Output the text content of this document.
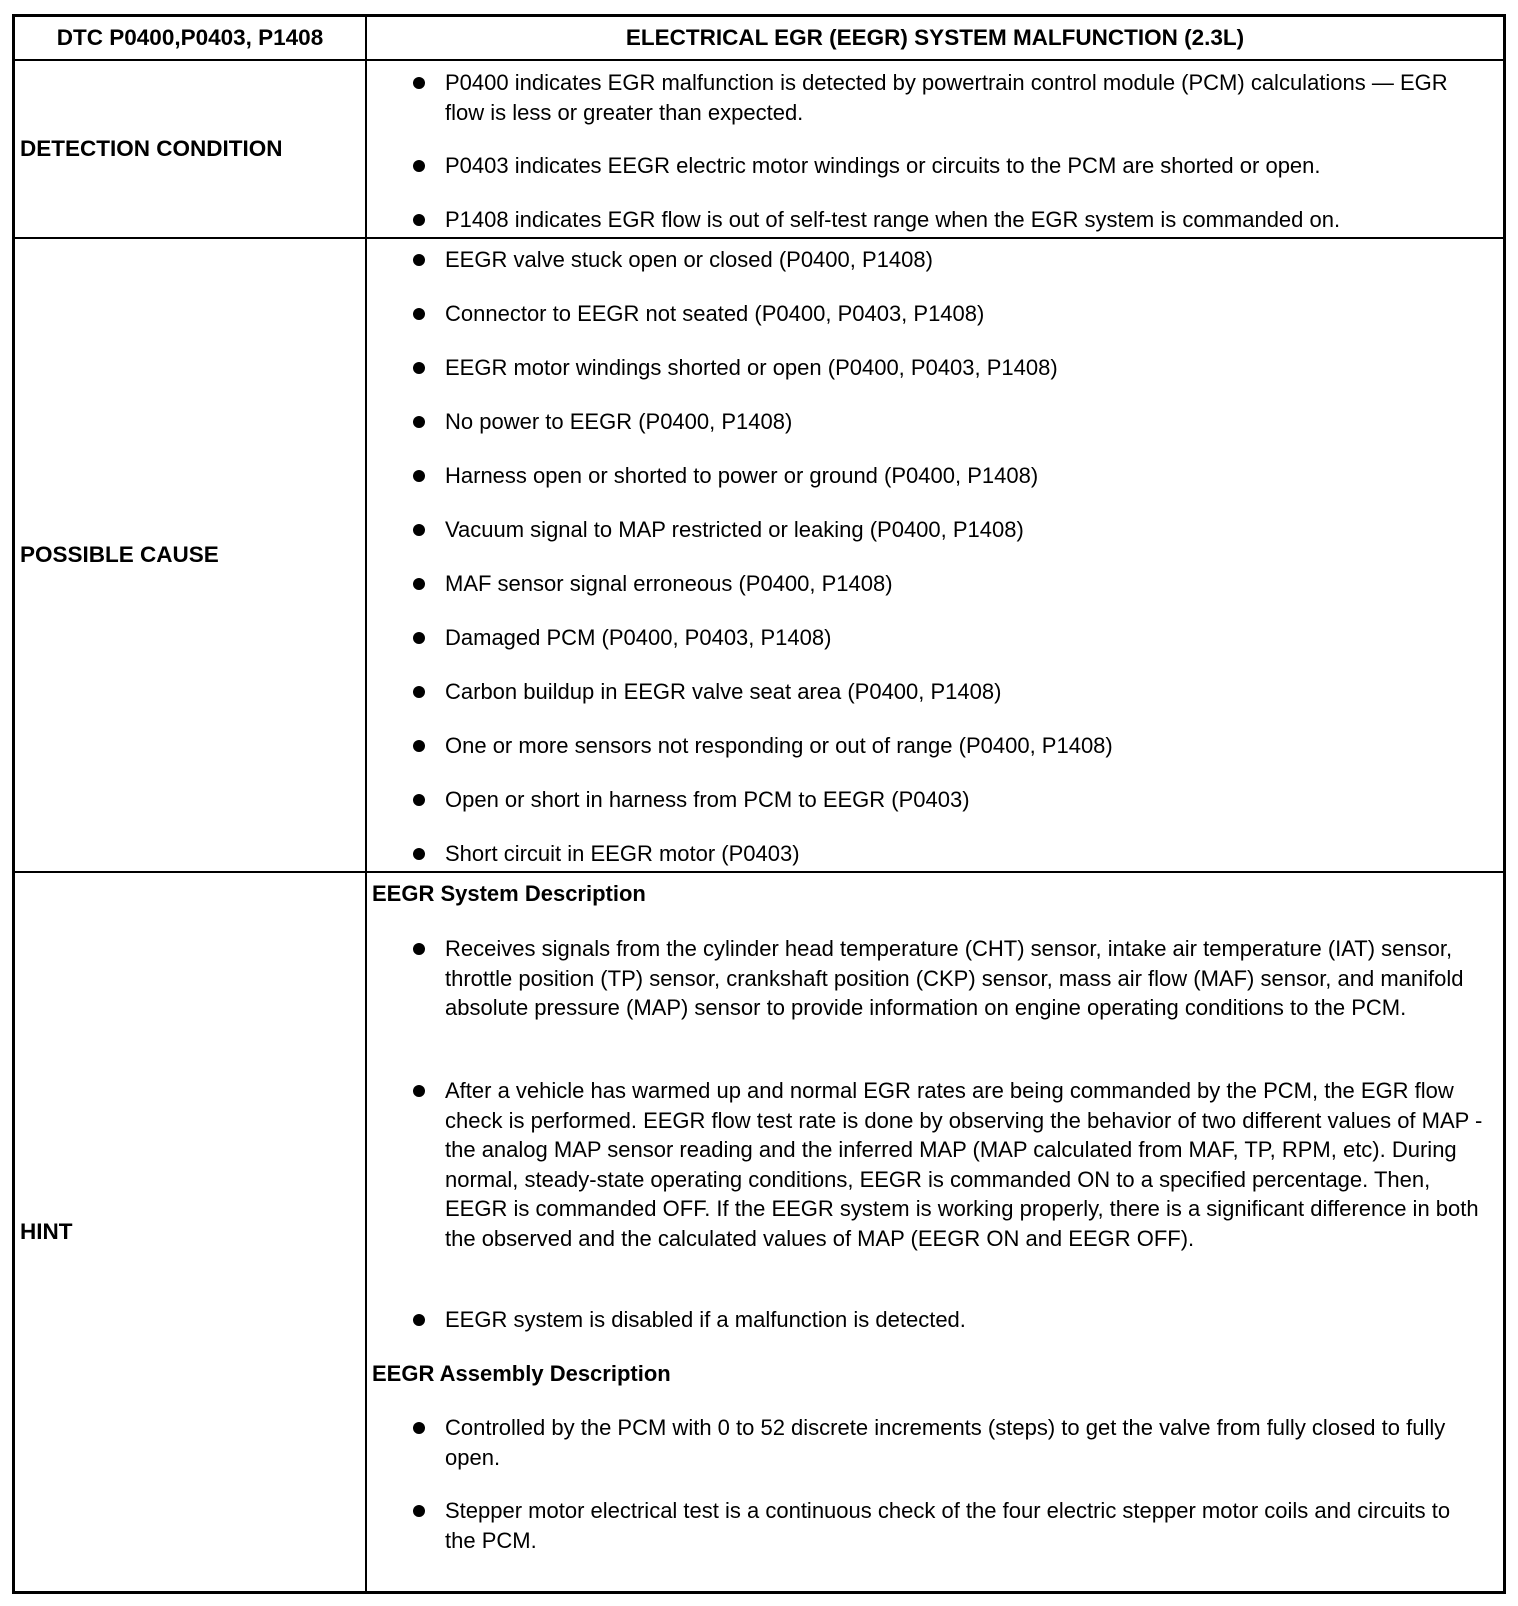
DTC P0400,P0403, P1408	ELECTRICAL EGR (EEGR) SYSTEM MALFUNCTION (2.3L)
DETECTION CONDITION
P0400 indicates EGR malfunction is detected by powertrain control module (PCM) calculations — EGR flow is less or greater than expected.
P0403 indicates EEGR electric motor windings or circuits to the PCM are shorted or open.
P1408 indicates EGR flow is out of self-test range when the EGR system is commanded on.
POSSIBLE CAUSE
EEGR valve stuck open or closed (P0400, P1408)
Connector to EEGR not seated (P0400, P0403, P1408)
EEGR motor windings shorted or open (P0400, P0403, P1408)
No power to EEGR (P0400, P1408)
Harness open or shorted to power or ground (P0400, P1408)
Vacuum signal to MAP restricted or leaking (P0400, P1408)
MAF sensor signal erroneous (P0400, P1408)
Damaged PCM (P0400, P0403, P1408)
Carbon buildup in EEGR valve seat area (P0400, P1408)
One or more sensors not responding or out of range (P0400, P1408)
Open or short in harness from PCM to EEGR (P0403)
Short circuit in EEGR motor (P0403)
HINT
EEGR System Description
Receives signals from the cylinder head temperature (CHT) sensor, intake air temperature (IAT) sensor, throttle position (TP) sensor, crankshaft position (CKP) sensor, mass air flow (MAF) sensor, and manifold absolute pressure (MAP) sensor to provide information on engine operating conditions to the PCM.
After a vehicle has warmed up and normal EGR rates are being commanded by the PCM, the EGR flow check is performed. EEGR flow test rate is done by observing the behavior of two different values of MAP - the analog MAP sensor reading and the inferred MAP (MAP calculated from MAF, TP, RPM, etc). During normal, steady-state operating conditions, EEGR is commanded ON to a specified percentage. Then, EEGR is commanded OFF. If the EEGR system is working properly, there is a significant difference in both the observed and the calculated values of MAP (EEGR ON and EEGR OFF).
EEGR system is disabled if a malfunction is detected.
EEGR Assembly Description
Controlled by the PCM with 0 to 52 discrete increments (steps) to get the valve from fully closed to fully open.
Stepper motor electrical test is a continuous check of the four electric stepper motor coils and circuits to the PCM.
